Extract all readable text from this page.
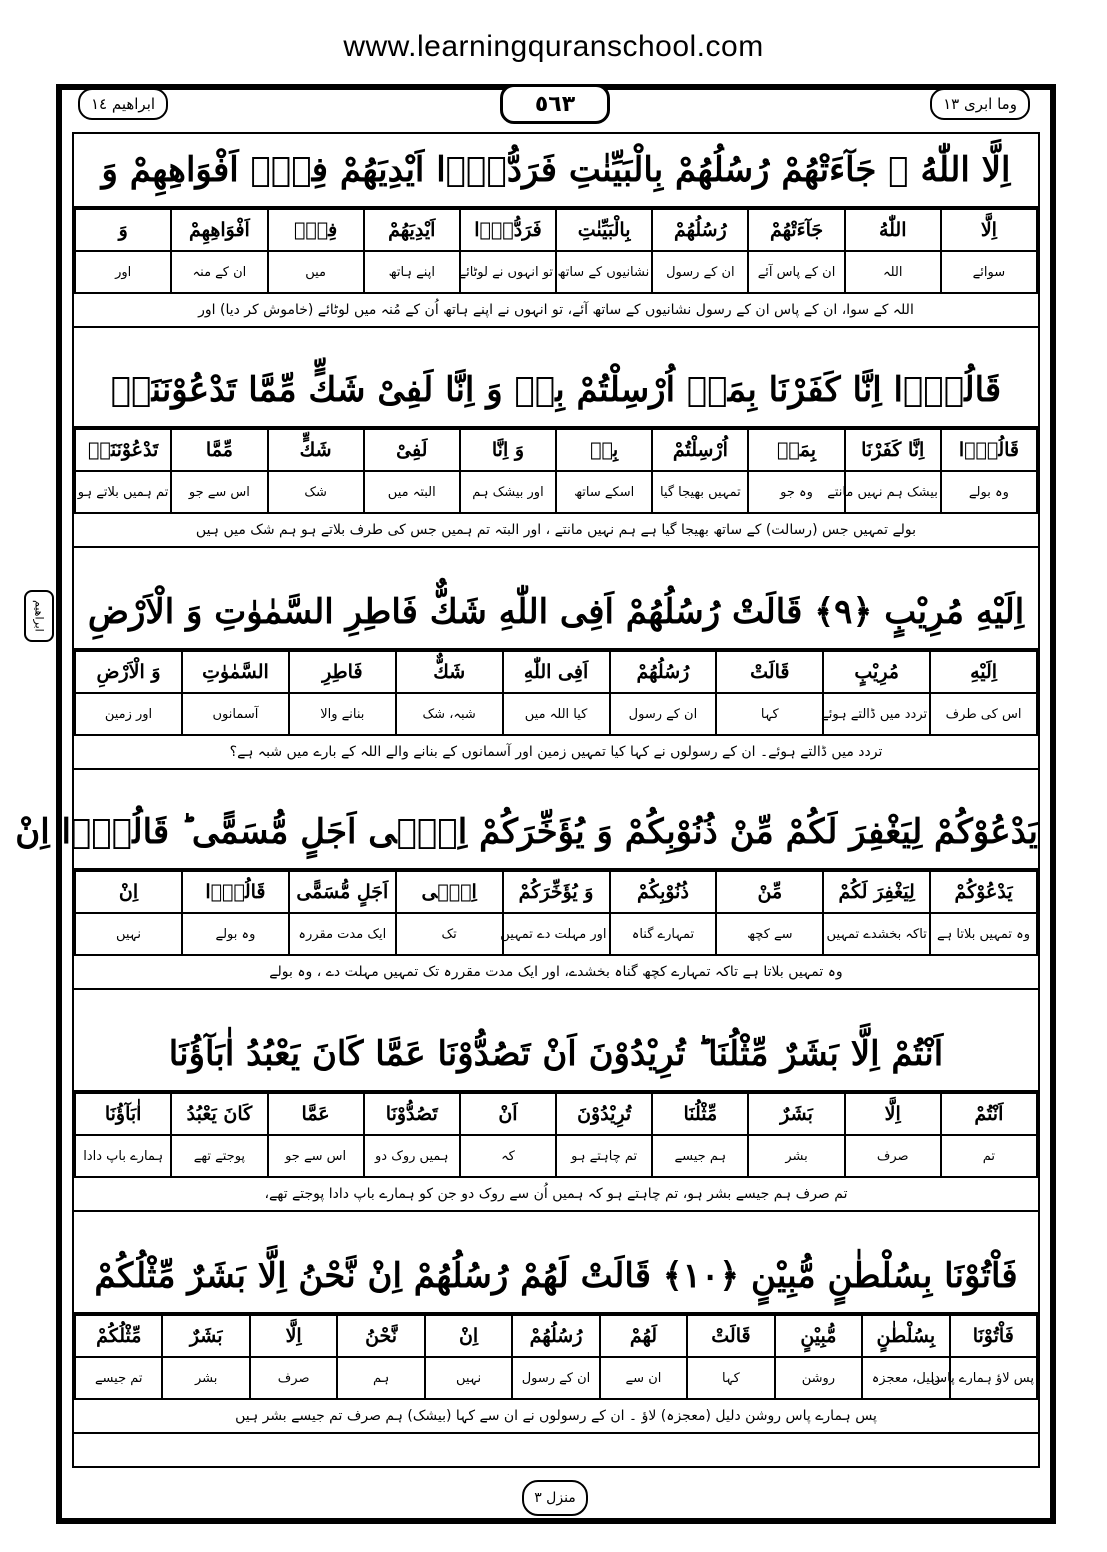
www.learningquranschool.com
ابراهیم ١٤	٥٦٣	وما ابری ١٣
ابراهیم
اِلَّا اللّٰهُ ۛ جَآءَتْهُمْ رُسُلُهُمْ بِالْبَیِّنٰتِ فَرَدُّوْۤا اَیْدِیَهُمْ فِیْۤ اَفْوَاهِهِمْ وَ
اِلَّا	اللّٰهُ	جَآءَتْهُمْ	رُسُلُهُمْ	بِالْبَیِّنٰتِ	فَرَدُّوْۤا	اَیْدِیَهُمْ	فِیْۤ	اَفْوَاهِهِمْ	وَ
سوائے	اللہ	ان کے پاس آئے	ان کے رسول	نشانیوں کے ساتھ	تو انہوں نے لوٹائے	اپنے ہاتھ	میں	ان کے منہ	اور
اللہ کے سوا، ان کے پاس ان کے رسول نشانیوں کے ساتھ آئے، تو انہوں نے اپنے ہاتھ اُن کے مُنہ میں لوٹائے (خاموش کر دیا) اور
قَالُوْۤا اِنَّا كَفَرْنَا بِمَاۤ اُرْسِلْتُمْ بِهٖ وَ اِنَّا لَفِیْ شَكٍّ مِّمَّا تَدْعُوْنَنَاۤ
قَالُوْۤا	اِنَّا كَفَرْنَا	بِمَاۤ	اُرْسِلْتُمْ	بِهٖ	وَ اِنَّا	لَفِیْ	شَكٍّ	مِّمَّا	تَدْعُوْنَنَاۤ
وہ بولے	بیشک ہم نہیں مانتے	وہ جو	تمہیں بھیجا گیا	اسکے ساتھ	اور بیشک ہم	البتہ میں	شک	اس سے جو	تم ہمیں بلاتے ہو
بولے تمہیں جس (رسالت) کے ساتھ بھیجا گیا ہے ہم نہیں مانتے ، اور البتہ تم ہمیں جس کی طرف بلاتے ہو ہم شک میں ہیں
اِلَیْهِ مُرِیْبٍ ﴿٩﴾ قَالَتْ رُسُلُهُمْ اَفِی اللّٰهِ شَكٌّ فَاطِرِ السَّمٰوٰتِ وَ الْاَرْضِ
اِلَیْهِ	مُرِیْبٍ	قَالَتْ	رُسُلُهُمْ	اَفِی اللّٰهِ	شَكٌّ	فَاطِرِ	السَّمٰوٰتِ	وَ الْاَرْضِ
اس کی طرف	تردد میں ڈالتے ہوئے	کہا	ان کے رسول	کیا اللہ میں	شبہ، شک	بنانے والا	آسمانوں	اور زمین
تردد میں ڈالتے ہوئے۔ ان کے رسولوں نے کہا کیا تمہیں زمین اور آسمانوں کے بنانے والے اللہ کے بارے میں شبہ ہے؟
یَدْعُوْكُمْ لِیَغْفِرَ لَكُمْ مِّنْ ذُنُوْبِكُمْ وَ یُؤَخِّرَكُمْ اِلٰۤی اَجَلٍ مُّسَمًّی ؕ قَالُوْۤا اِنْ
یَدْعُوْكُمْ	لِیَغْفِرَ لَكُمْ	مِّنْ	ذُنُوْبِكُمْ	وَ یُؤَخِّرَكُمْ	اِلٰۤی	اَجَلٍ مُّسَمًّی	قَالُوْۤا	اِنْ
وہ تمہیں بلاتا ہے	تاکہ بخشدے تمہیں	سے کچھ	تمہارے گناہ	اور مہلت دے تمہیں	تک	ایک مدت مقررہ	وہ بولے	نہیں
وہ تمہیں بلاتا ہے تاکہ تمہارے کچھ گناہ بخشدے، اور ایک مدت مقررہ تک تمہیں مہلت دے ، وہ بولے
اَنْتُمْ اِلَّا بَشَرٌ مِّثْلُنَا ؕ تُرِیْدُوْنَ اَنْ تَصُدُّوْنَا عَمَّا كَانَ یَعْبُدُ اٰبَآؤُنَا
اَنْتُمْ	اِلَّا	بَشَرٌ	مِّثْلُنَا	تُرِیْدُوْنَ	اَنْ	تَصُدُّوْنَا	عَمَّا	كَانَ یَعْبُدُ	اٰبَآؤُنَا
تم	صرف	بشر	ہم جیسے	تم چاہتے ہو	کہ	ہمیں روک دو	اس سے جو	پوجتے تھے	ہمارے باپ دادا
تم صرف ہم جیسے بشر ہو، تم چاہتے ہو کہ ہمیں اُن سے روک دو جن کو ہمارے باپ دادا پوجتے تھے،
فَاْتُوْنَا بِسُلْطٰنٍ مُّبِیْنٍ ﴿١٠﴾ قَالَتْ لَهُمْ رُسُلُهُمْ اِنْ نَّحْنُ اِلَّا بَشَرٌ مِّثْلُكُمْ
فَاْتُوْنَا	بِسُلْطٰنٍ	مُّبِیْنٍ	قَالَتْ	لَهُمْ	رُسُلُهُمْ	اِنْ	نَّحْنُ	اِلَّا	بَشَرٌ	مِّثْلُكُمْ
پس لاؤ ہمارے پاس	دلیل، معجزہ	روشن	کہا	ان سے	ان کے رسول	نہیں	ہم	صرف	بشر	تم جیسے
پس ہمارے پاس روشن دلیل (معجزہ) لاؤ ۔ ان کے رسولوں نے ان سے کہا (بیشک) ہم صرف تم جیسے بشر ہیں
منزل ٣
